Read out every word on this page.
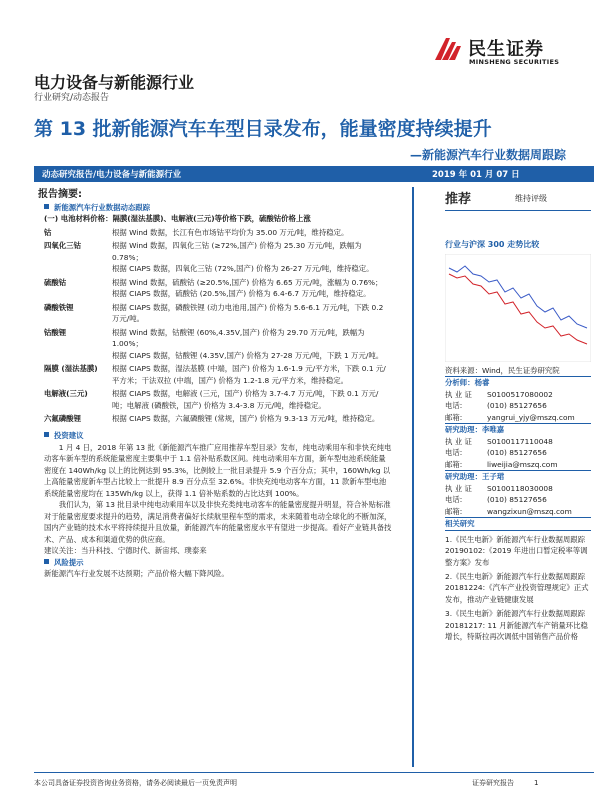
民生证券
MINSHENG SECURITIES
电力设备与新能源行业
行业研究/动态报告
第 13 批新能源汽车车型目录发布，能量密度持续提升
—新能源汽车行业数据周跟踪
动态研究报告/电力设备与新能源行业	2019 年 01 月 07 日
报告摘要:
新能源汽车行业数据动态跟踪
(一) 电池材料价格：隔膜(湿法基膜)、电解液(三元)等价格下跌，硫酸钴价格上涨
钴	根据 Wind 数据，长江有色市场钴平均价为 35.00 万元/吨，维持稳定。
四氧化三钴	根据 Wind 数据，四氧化三钴 (≥72%,国产) 价格为 25.30 万元/吨，跌幅为 0.78%；
根据 CIAPS 数据，四氧化三钴 (72%,国产) 价格为 26-27 万元/吨，维持稳定。
硫酸钴	根据 Wind 数据，硫酸钴 (≥20.5%,国产) 价格为 6.65 万元/吨，涨幅为 0.76%；
根据 CIAPS 数据，硫酸钴 (20.5%,国产) 价格为 6.4-6.7 万元/吨，维持稳定。
磷酸铁锂	根据 CIAPS 数据，磷酸铁锂 (动力电池用,国产) 价格为 5.6-6.1 万元/吨，下跌 0.2 万元/吨。
钴酸锂	根据 Wind 数据，钴酸锂 (60%,4.35V,国产) 价格为 29.70 万元/吨，跌幅为 1.00%；
根据 CIAPS 数据，钴酸锂 (4.35V,国产) 价格为 27-28 万元/吨，下跌 1 万元/吨。
隔膜 (湿法基膜)	根据 CIAPS 数据，湿法基膜 (中端，国产) 价格为 1.6-1.9 元/平方米，下跌 0.1 元/平方米；干法双拉 (中端，国产) 价格为 1.2-1.8 元/平方米，维持稳定。
电解液(三元)	根据 CIAPS 数据，电解液 (三元，国产) 价格为 3.7-4.7 万元/吨，下跌 0.1 万元/吨；电解液 (磷酸铁，国产) 价格为 3.4-3.8 万元/吨，维持稳定。
六氟磷酸锂	根据 CIAPS 数据，六氟磷酸锂 (常规，国产) 价格为 9.3-13 万元/吨，维持稳定。
投资建议
1 月 4 日，2018 年第 13 批《新能源汽车推广应用推荐车型目录》发布，纯电动乘用车和非快充纯电动客车新车型的系统能量密度主要集中于 1.1 倍补贴系数区间。纯电动乘用车方面，新车型电池系统能量密度在 140Wh/kg 以上的比例达到 95.3%，比例较上一批目录提升 5.9 个百分点；其中，160Wh/kg 以上高能量密度新车型占比较上一批提升 8.9 百分点至 32.6%。非快充纯电动客车方面，11 款新车型电池系统能量密度均在 135Wh/kg 以上，获得 1.1 倍补贴系数的占比达到 100%。
我们认为，第 13 批目录中纯电动乘用车以及非快充类纯电动客车的能量密度提升明显，符合补贴标准对于能量密度要求提升的趋势，满足消费者偏好长续航里程车型的需求，未来随着电动全球化的不断加深，国内产业链的技术水平将持续提升且放量，新能源汽车的能量密度水平有望进一步提高。看好产业链具备技术、产品、成本和渠道优势的供应商。
建议关注：当升科技、宁德时代、新宙邦、璞泰来
风险提示
新能源汽车行业发展不达预期；产品价格大幅下降风险。
推荐	维持评级
行业与沪深 300 走势比较
资料来源：Wind，民生证券研究院
分析师：杨睿
执 业 证	S0100517080002
电话:	(010) 85127656
邮箱:	yangrui_yjy@mszq.com
研究助理：李唯嘉
执 业 证	S0100117110048
电话:	(010) 85127656
邮箱:	liweijia@mszq.com
研究助理：王子珺
执 业 证	S0100118030008
电话:	(010) 85127656
邮箱:	wangzixun@mszq.com
相关研究
1.《民生电新》新能源汽车行业数据周跟踪 20190102:《2019 年进出口暂定税率等调整方案》发布
2.《民生电新》新能源汽车行业数据周跟踪 20181224:《汽车产业投资管理规定》正式发布，推动产业链健康发展
3.《民生电新》新能源汽车行业数据周跟踪 20181217: 11 月新能源汽车产销量环比稳增长，特斯拉再次调低中国销售产品价格
本公司具备证券投资咨询业务资格，请务必阅读最后一页免责声明	证券研究报告	1
